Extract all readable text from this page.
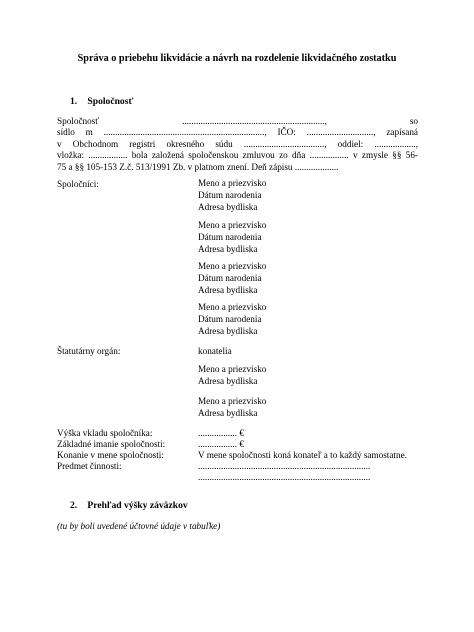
Správa o priebehu likvidácie a návrh na rozdelenie likvidačného zostatku
1. Spoločnosť
Spoločnosť .............................................................., so
sídlo m ......................................................................, IČO: ............................., zapísaná
v Obchodnom registri okresného súdu ..................................., oddiel: ..................,
vložka: ................. bola založená spoločenskou zmluvou zo dňa ................. v zmysle §§ 56-
75 a §§ 105-153 Z.č. 513/1991 Zb. v platnom znení. Deň zápisu ...................
Spoločníci:	Meno a priezvisko
Dátum narodenia
Adresa bydliska
Meno a priezvisko
Dátum narodenia
Adresa bydliska
Meno a priezvisko
Dátum narodenia
Adresa bydliska
Meno a priezvisko
Dátum narodenia
Adresa bydliska
Štatutárny orgán:	konatelia
Meno a priezvisko
Adresa bydliska
Meno a priezvisko
Adresa bydliska
Výška vkladu spoločníka:	................. €
Základné imanie spoločnosti:	................. €
Konanie v mene spoločnosti:	V mene spoločnosti koná konateľ a to každý samostatne.
Predmet činnosti:	...........................................................................
...........................................................................
2. Prehľad výšky záväzkov
(tu by boli uvedené účtovné údaje v tabuľke)
